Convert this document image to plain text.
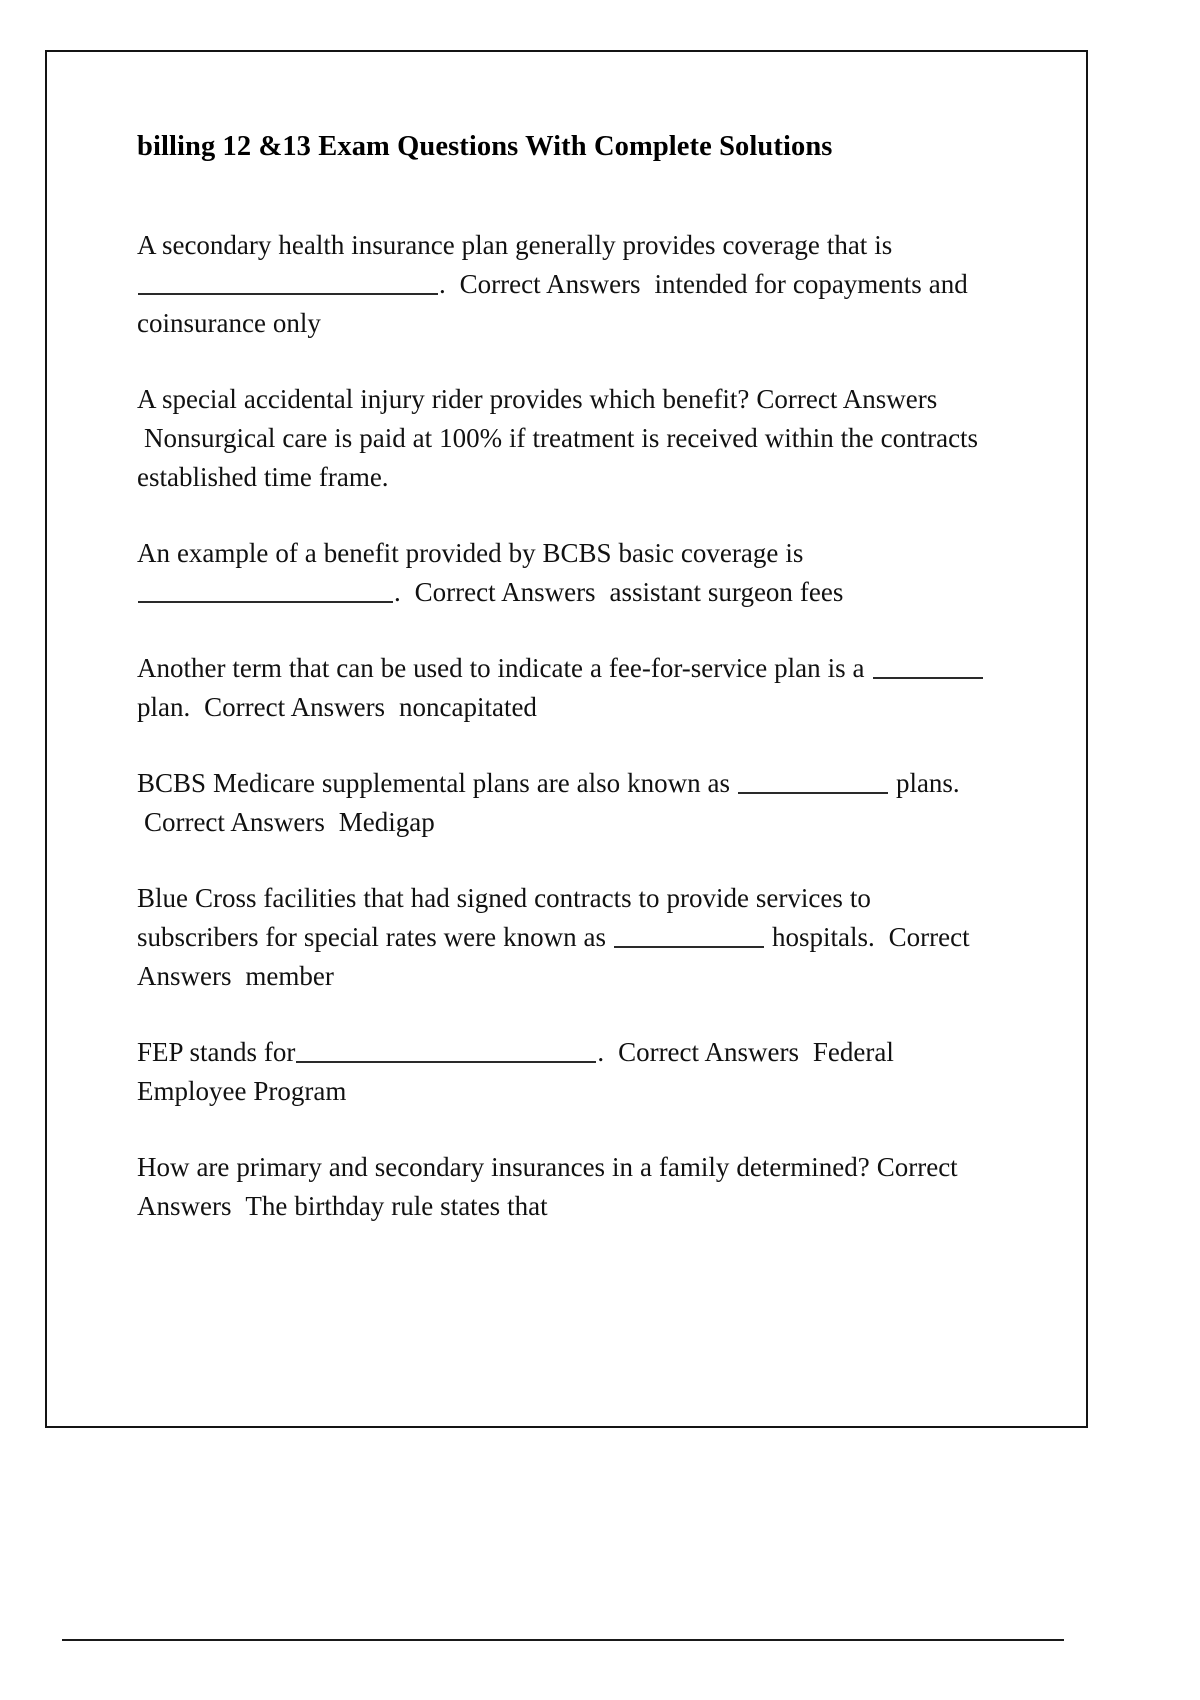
billing 12 &13 Exam Questions With Complete Solutions

A secondary health insurance plan generally provides coverage that is . Correct Answers intended for copayments and coinsurance only

A special accidental injury rider provides which benefit? Correct Answers  Nonsurgical care is paid at 100% if treatment is received within the contracts established time frame.

An example of a benefit provided by BCBS basic coverage is. Correct Answers assistant surgeon fees

Another term that can be used to indicate a fee-for-service plan is a  plan. Correct Answers noncapitated

BCBS Medicare supplemental plans are also known as	plans.  Correct Answers Medigap

Blue Cross facilities that had signed contracts to provide services to subscribers for special rates were known as	hospitals. Correct Answers member

FEP stands for	. Correct Answers Federal Employee Program

How are primary and secondary insurances in a family determined? Correct Answers The birthday rule states that
